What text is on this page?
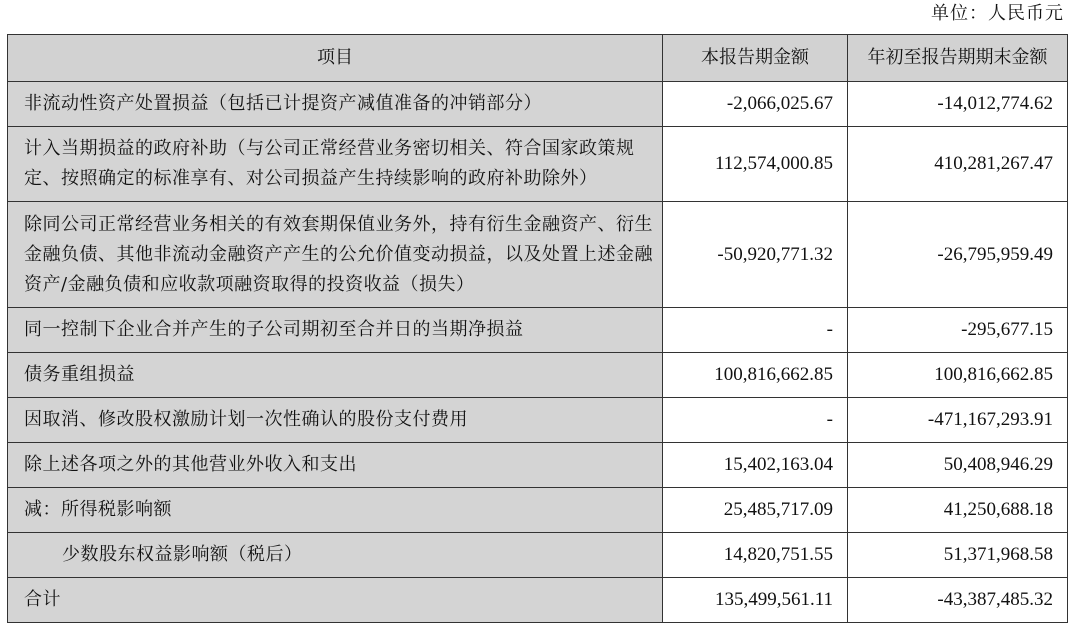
单位：人民币元
项目	本报告期金额	年初至报告期期末金额
非流动性资产处置损益（包括已计提资产减值准备的冲销部分）	-2,066,025.67	-14,012,774.62
计入当期损益的政府补助（与公司正常经营业务密切相关、符合国家政策规定、按照确定的标准享有、对公司损益产生持续影响的政府补助除外）	112,574,000.85	410,281,267.47
除同公司正常经营业务相关的有效套期保值业务外，持有衍生金融资产、衍生金融负债、其他非流动金融资产产生的公允价值变动损益，以及处置上述金融资产/金融负债和应收款项融资取得的投资收益（损失）	-50,920,771.32	-26,795,959.49
同一控制下企业合并产生的子公司期初至合并日的当期净损益	-	-295,677.15
债务重组损益	100,816,662.85	100,816,662.85
因取消、修改股权激励计划一次性确认的股份支付费用	-	-471,167,293.91
除上述各项之外的其他营业外收入和支出	15,402,163.04	50,408,946.29
减：所得税影响额	25,485,717.09	41,250,688.18
少数股东权益影响额（税后）	14,820,751.55	51,371,968.58
合计	135,499,561.11	-43,387,485.32
